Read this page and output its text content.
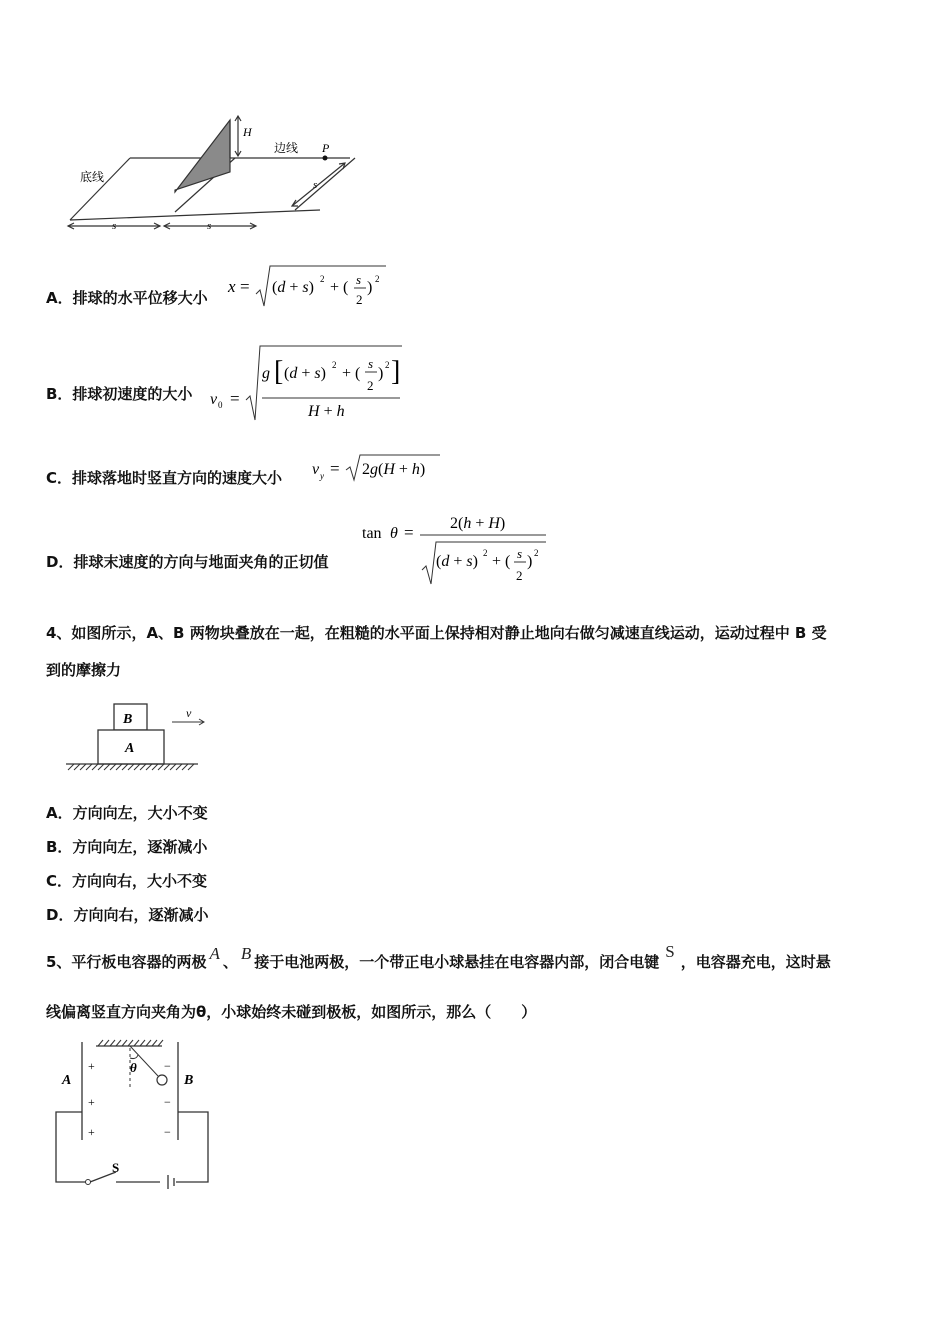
底线
边线 P
H
s	s
s
A．排球的水平位移大小
x = (d + s) 2 + ( s
2
) 2
B．排球初速度的大小 v 0 =
g [ (d + s) 2 + (
s
2
) 2 ]
H + h
C．排球落地时竖直方向的速度大小 v y = 2g(H + h)
D．排球末速度的方向与地面夹角的正切值
tan θ = 2(h + H)
(d + s) 2 + ( s
2
) 2
4、如图所示，A、B 两物块叠放在一起，在粗糙的水平面上保持相对静止地向右做匀减速直线运动，运动过程中 B 受
到的摩擦力
B
A
v
A．方向向左，大小不变
B．方向向左，逐渐减小
C．方向向右，大小不变
D．方向向右，逐渐减小
5、平行板电容器的两极 A 、 B 接于电池两极，一个带正电小球悬挂在电容器内部，闭合电键S，电容器充电，这时悬
线偏离竖直方向夹角为θ，小球始终未碰到极板，如图所示，那么（　　）
A	B
θ
S
+
+
+
−
−
−
